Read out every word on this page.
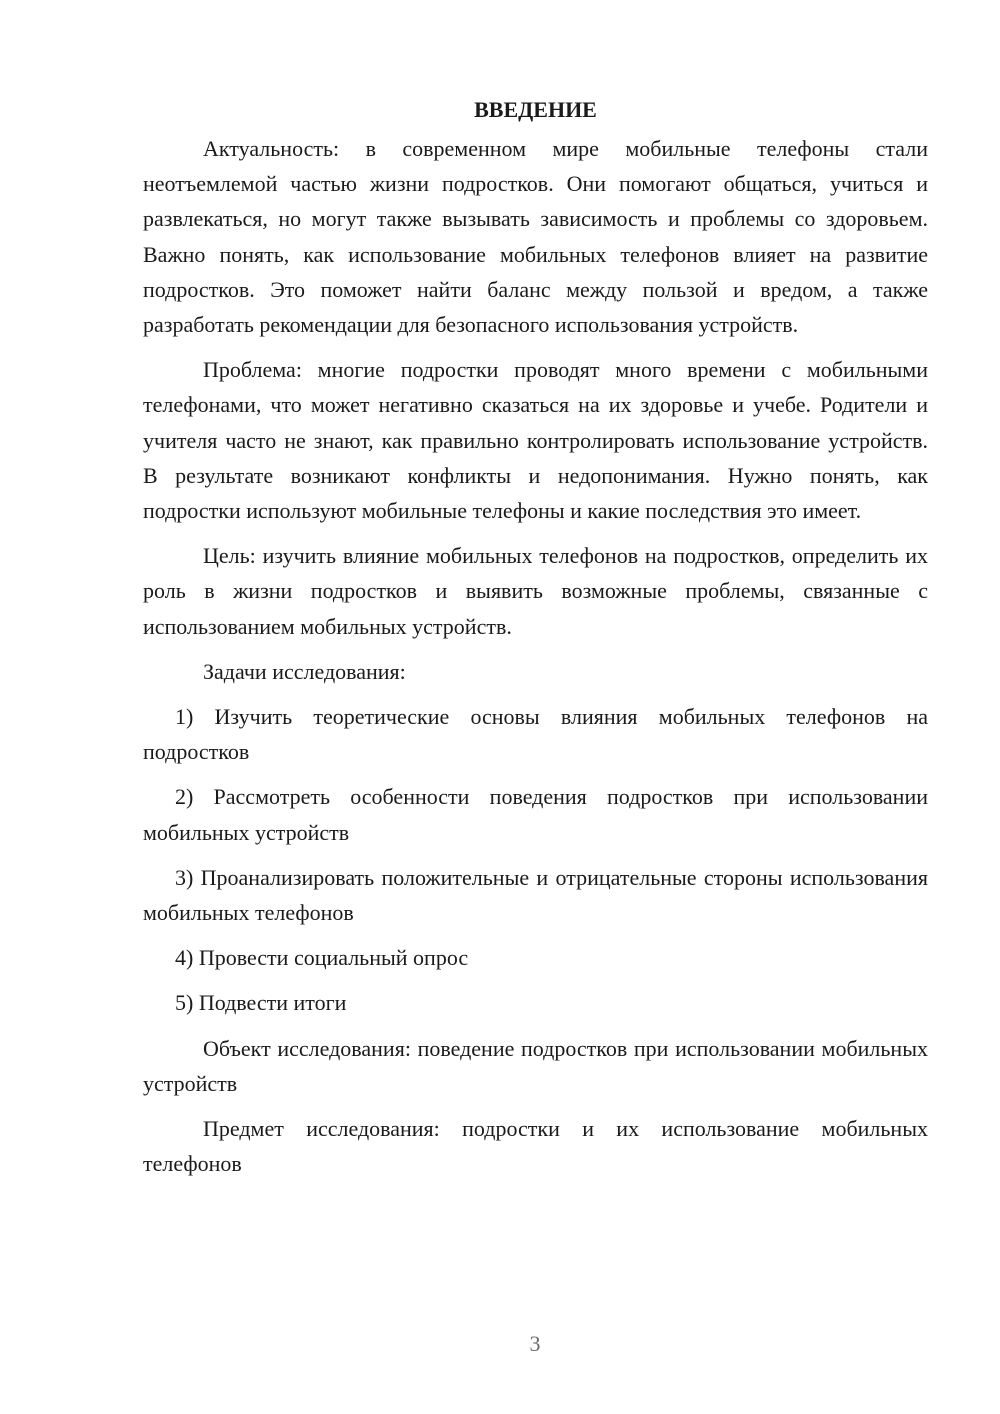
ВВЕДЕНИЕ

Актуальность: в современном мире мобильные телефоны стали неотъемлемой частью жизни подростков. Они помогают общаться, учиться и развлекаться, но могут также вызывать зависимость и проблемы со здоровьем. Важно понять, как использование мобильных телефонов влияет на развитие подростков. Это поможет найти баланс между пользой и вредом, а также разработать рекомендации для безопасного использования устройств.

Проблема: многие подростки проводят много времени с мобильными телефонами, что может негативно сказаться на их здоровье и учебе. Родители и учителя часто не знают, как правильно контролировать использование устройств. В результате возникают конфликты и недопонимания. Нужно понять, как подростки используют мобильные телефоны и какие последствия это имеет.

Цель: изучить влияние мобильных телефонов на подростков, определить их роль в жизни подростков и выявить возможные проблемы, связанные с использованием мобильных устройств.

Задачи исследования:

1) Изучить теоретические основы влияния мобильных телефонов на подростков

2) Рассмотреть особенности поведения подростков при использовании мобильных устройств

3) Проанализировать положительные и отрицательные стороны использования мобильных телефонов

4) Провести социальный опрос

5) Подвести итоги

Объект исследования: поведение подростков при использовании мобильных устройств

Предмет исследования: подростки и их использование мобильных телефонов

3
